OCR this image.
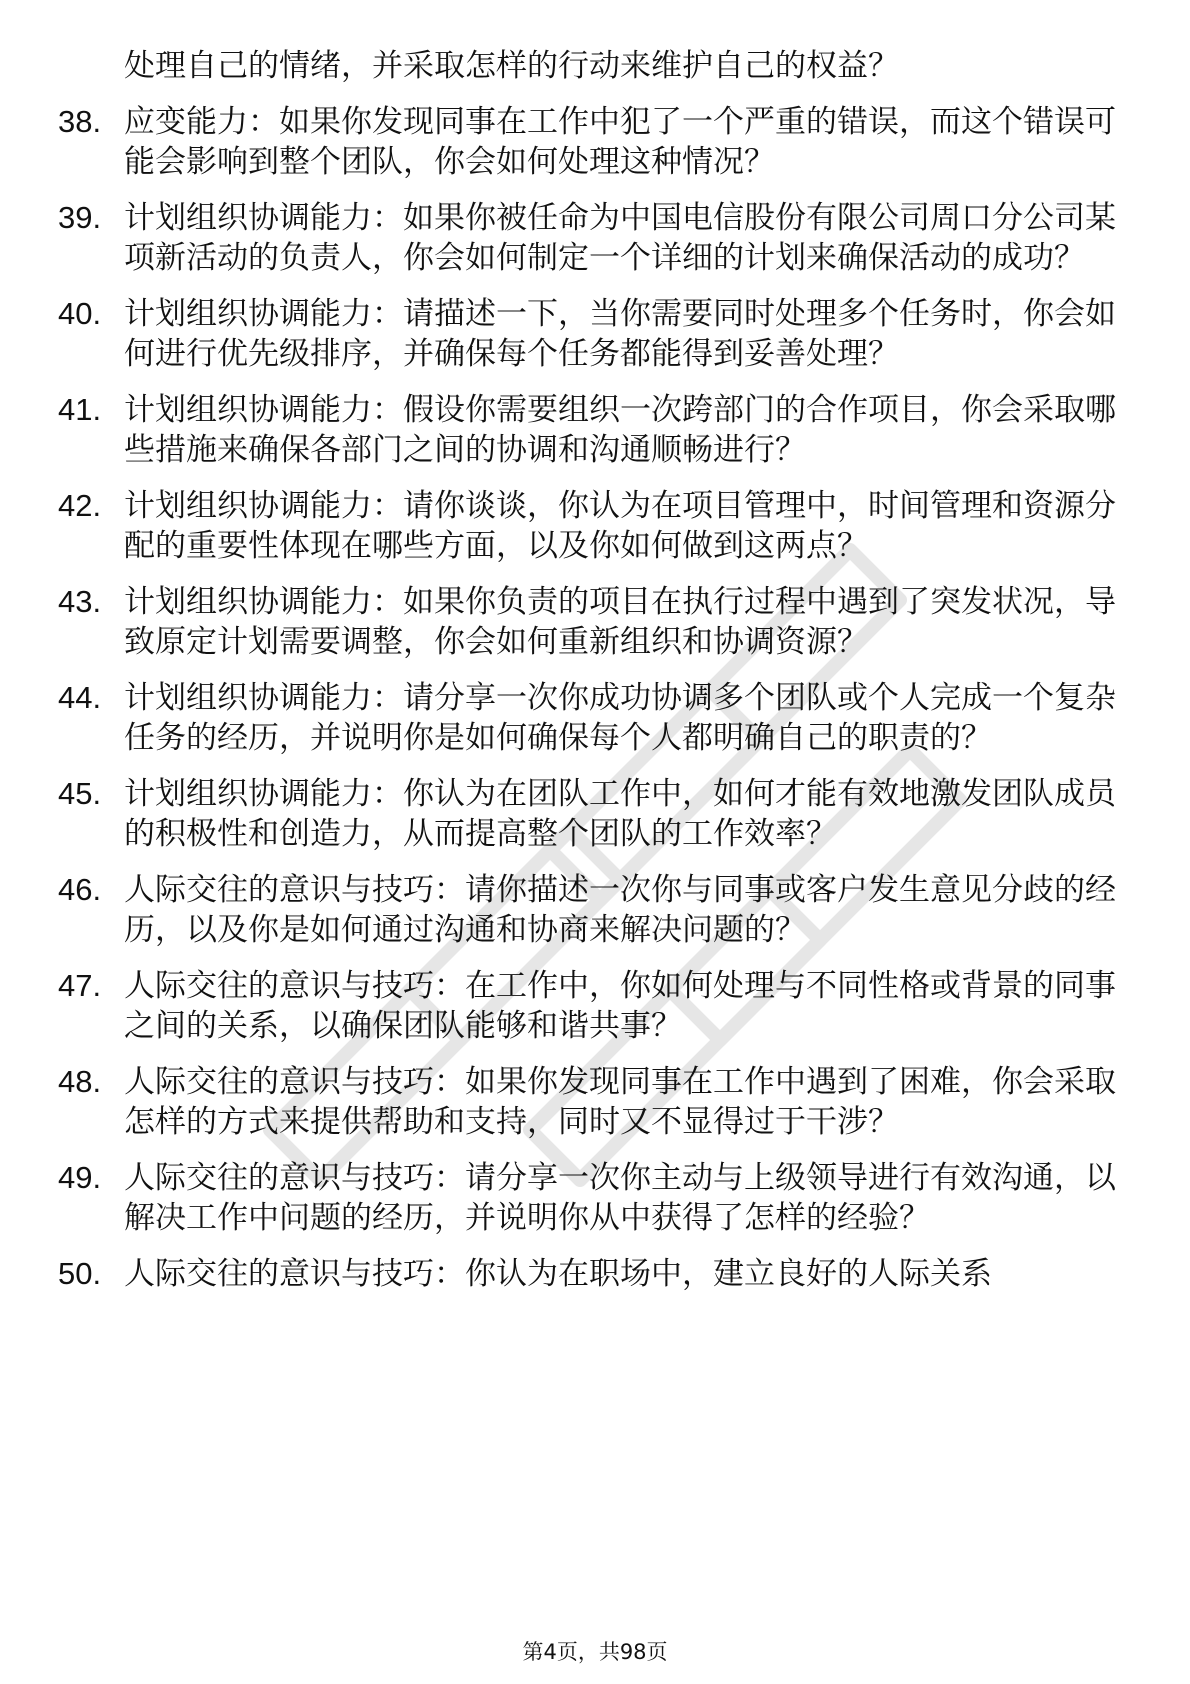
处理自己的情绪，并采取怎样的行动来维护自己的权益？
38. 应变能力：如果你发现同事在工作中犯了一个严重的错误，而这个错误可能会影响到整个团队，你会如何处理这种情况？
39. 计划组织协调能力：如果你被任命为中国电信股份有限公司周口分公司某项新活动的负责人，你会如何制定一个详细的计划来确保活动的成功？
40. 计划组织协调能力：请描述一下，当你需要同时处理多个任务时，你会如何进行优先级排序，并确保每个任务都能得到妥善处理？
41. 计划组织协调能力：假设你需要组织一次跨部门的合作项目，你会采取哪些措施来确保各部门之间的协调和沟通顺畅进行？
42. 计划组织协调能力：请你谈谈，你认为在项目管理中，时间管理和资源分配的重要性体现在哪些方面，以及你如何做到这两点？
43. 计划组织协调能力：如果你负责的项目在执行过程中遇到了突发状况，导致原定计划需要调整，你会如何重新组织和协调资源？
44. 计划组织协调能力：请分享一次你成功协调多个团队或个人完成一个复杂任务的经历，并说明你是如何确保每个人都明确自己的职责的？
45. 计划组织协调能力：你认为在团队工作中，如何才能有效地激发团队成员的积极性和创造力，从而提高整个团队的工作效率？
46. 人际交往的意识与技巧：请你描述一次你与同事或客户发生意见分歧的经历，以及你是如何通过沟通和协商来解决问题的？
47. 人际交往的意识与技巧：在工作中，你如何处理与不同性格或背景的同事之间的关系，以确保团队能够和谐共事？
48. 人际交往的意识与技巧：如果你发现同事在工作中遇到了困难，你会采取怎样的方式来提供帮助和支持，同时又不显得过于干涉？
49. 人际交往的意识与技巧：请分享一次你主动与上级领导进行有效沟通，以解决工作中问题的经历，并说明你从中获得了怎样的经验？
50. 人际交往的意识与技巧：你认为在职场中，建立良好的人际关系
第4页，共98页
